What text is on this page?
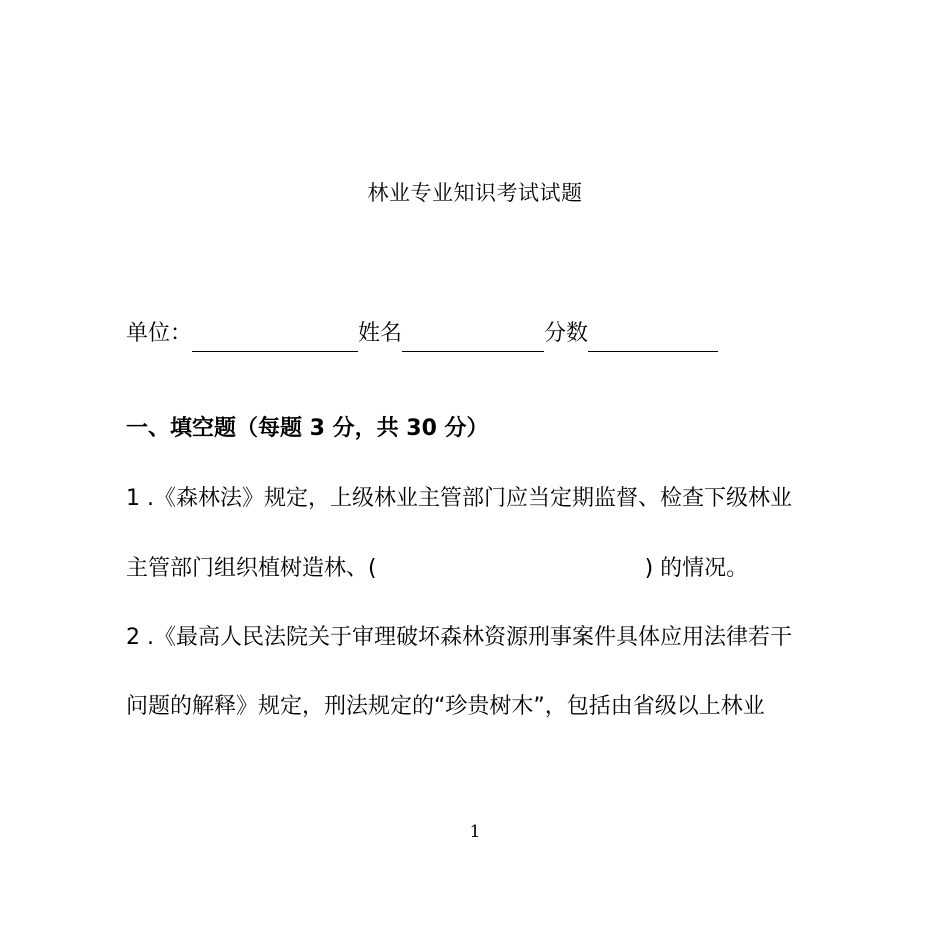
林业专业知识考试试题
单位：	姓名	分数
一、填空题（每题 3 分，共 30 分）
1 .《森林法》规定，上级林业主管部门应当定期监督、检查下级林业
主管部门组织植树造林、(	) 的情况。
2 .《最高人民法院关于审理破坏森林资源刑事案件具体应用法律若干
问题的解释》规定，刑法规定的“珍贵树木”，包括由省级以上林业
1
